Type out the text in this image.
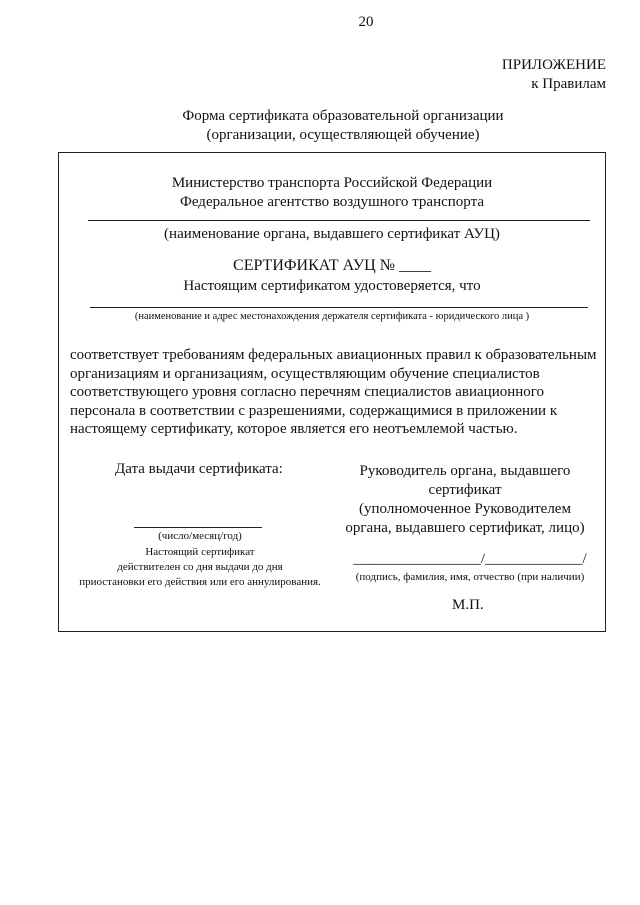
20
ПРИЛОЖЕНИЕ
к Правилам
Форма сертификата образовательной организации
(организации, осуществляющей обучение)
Министерство транспорта Российской Федерации
Федеральное агентство воздушного транспорта
(наименование органа, выдавшего сертификат АУЦ)
СЕРТИФИКАТ АУЦ № ____
Настоящим сертификатом удостоверяется, что
(наименование и адрес местонахождения держателя сертификата - юридического лица )
соответствует требованиям федеральных авиационных правил к образовательным
организациям и организациям, осуществляющим обучение специалистов
соответствующего уровня согласно перечням специалистов авиационного
персонала в соответствии с разрешениями, содержащимися в приложении к
настоящему сертификату, которое является его неотъемлемой частью.
Дата выдачи сертификата:
(число/месяц/год)
Настоящий сертификат
действителен со дня выдачи до дня
приостановки его действия или его аннулирования.
Руководитель органа, выдавшего
сертификат
(уполномоченное Руководителем
органа, выдавшего сертификат, лицо)
_________________/_____________/
(подпись, фамилия, имя, отчество (при наличии)
М.П.
